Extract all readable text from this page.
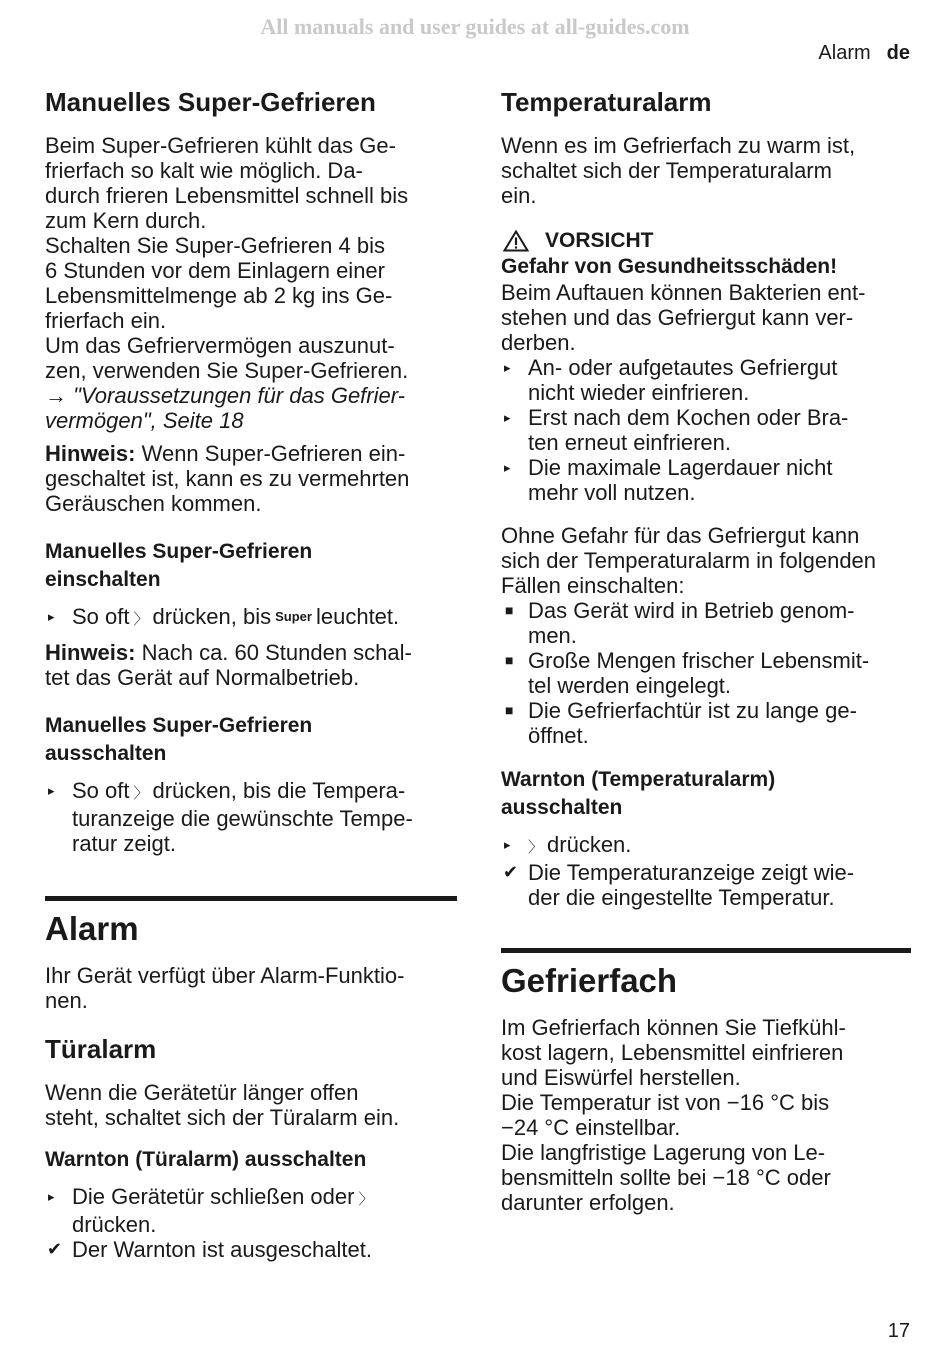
All manuals and user guides at all-guides.com
Alarm de
Manuelles Super-Gefrieren

Beim Super-Gefrieren kühlt das Ge-
frierfach so kalt wie möglich. Da-
durch frieren Lebensmittel schnell bis
zum Kern durch.
Schalten Sie Super-Gefrieren 4 bis
6 Stunden vor dem Einlagern einer
Lebensmittelmenge ab 2 kg ins Ge-
frierfach ein.
Um das Gefriervermögen auszunut-
zen, verwenden Sie Super-Gefrieren.
→ "Voraussetzungen für das Gefrier-
vermögen", Seite 18

Hinweis: Wenn Super-Gefrieren ein-
geschaltet ist, kann es zu vermehrten
Geräuschen kommen.

Manuelles Super-Gefrieren
einschalten
▸ So oft 〉 drücken, bis Super leuchtet.

Hinweis: Nach ca. 60 Stunden schal-
tet das Gerät auf Normalbetrieb.

Manuelles Super-Gefrieren
ausschalten
▸ So oft 〉 drücken, bis die Tempera-
turanzeige die gewünschte Tempe-
ratur zeigt.
Alarm

Ihr Gerät verfügt über Alarm-Funktio-
nen.

Türalarm

Wenn die Gerätetür länger offen
steht, schaltet sich der Türalarm ein.

Warnton (Türalarm) ausschalten
▸ Die Gerätetür schließen oder 〉
drücken.
✔ Der Warnton ist ausgeschaltet.
Temperaturalarm

Wenn es im Gefrierfach zu warm ist,
schaltet sich der Temperaturalarm
ein.

VORSICHT
Gefahr von Gesundheitsschäden!

Beim Auftauen können Bakterien ent-
stehen und das Gefriergut kann ver-
derben.

▸ An- oder aufgetautes Gefriergut
nicht wieder einfrieren.
▸ Erst nach dem Kochen oder Bra-
ten erneut einfrieren.
▸ Die maximale Lagerdauer nicht
mehr voll nutzen.

Ohne Gefahr für das Gefriergut kann
sich der Temperaturalarm in folgenden
Fällen einschalten:

■ Das Gerät wird in Betrieb genom-
men.
■ Große Mengen frischer Lebensmit-
tel werden eingelegt.
■ Die Gefrierfachtür ist zu lange ge-
öffnet.
Warnton (Temperaturalarm)
ausschalten
▸ 〉 drücken.
✔ Die Temperaturanzeige zeigt wie-
der die eingestellte Temperatur.
Gefrierfach

Im Gefrierfach können Sie Tiefkühl-
kost lagern, Lebensmittel einfrieren
und Eiswürfel herstellen.
Die Temperatur ist von −16 °C bis
−24 °C einstellbar.
Die langfristige Lagerung von Le-
bensmitteln sollte bei −18 °C oder
darunter erfolgen.

17
